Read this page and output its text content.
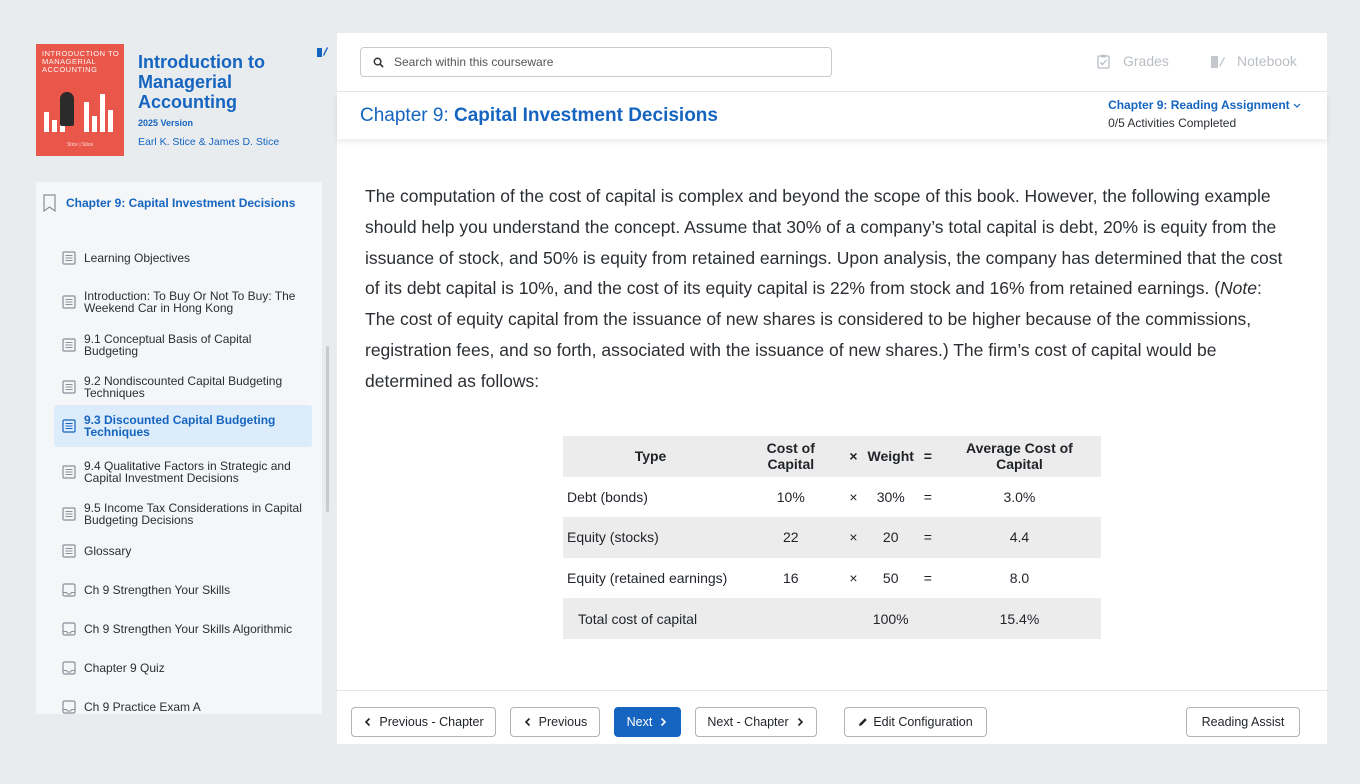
INTRODUCTION TO
MANAGERIAL
ACCOUNTING
Stice | Stice
Introduction to Managerial Accounting
2025 Version
Earl K. Stice & James D. Stice
Chapter 9: Capital Investment Decisions
Learning Objectives
Introduction: To Buy Or Not To Buy: The Weekend Car in Hong Kong
9.1 Conceptual Basis of Capital Budgeting
9.2 Nondiscounted Capital Budgeting Techniques
9.3 Discounted Capital Budgeting Techniques
9.4 Qualitative Factors in Strategic and Capital Investment Decisions
9.5 Income Tax Considerations in Capital Budgeting Decisions
Glossary
Ch 9 Strengthen Your Skills
Ch 9 Strengthen Your Skills Algorithmic
Chapter 9 Quiz
Ch 9 Practice Exam A
Search within this courseware	Grades	Notebook
Chapter 9: Capital Investment Decisions	Chapter 9: Reading Assignment
0/5 Activities Completed
The computation of the cost of capital is complex and beyond the scope of this book. However, the following example should help you understand the concept. Assume that 30% of a company’s total capital is debt, 20% is equity from the issuance of stock, and 50% is equity from retained earnings. Upon analysis, the company has determined that the cost of its debt capital is 10%, and the cost of its equity capital is 22% from stock and 16% from retained earnings. (Note: The cost of equity capital from the issuance of new shares is considered to be higher because of the commissions, registration fees, and so forth, associated with the issuance of new shares.) The firm’s cost of capital would be determined as follows:
Type	Cost of Capital	×	Weight	=	Average Cost of Capital
Debt (bonds)	10%	×	30%	=	3.0%
Equity (stocks)	22	×	20	=	4.4
Equity (retained earnings)	16	×	50	=	8.0
Total cost of capital			100%		15.4%
Previous - Chapter	Previous	Next	Next - Chapter	Edit Configuration	Reading Assist
